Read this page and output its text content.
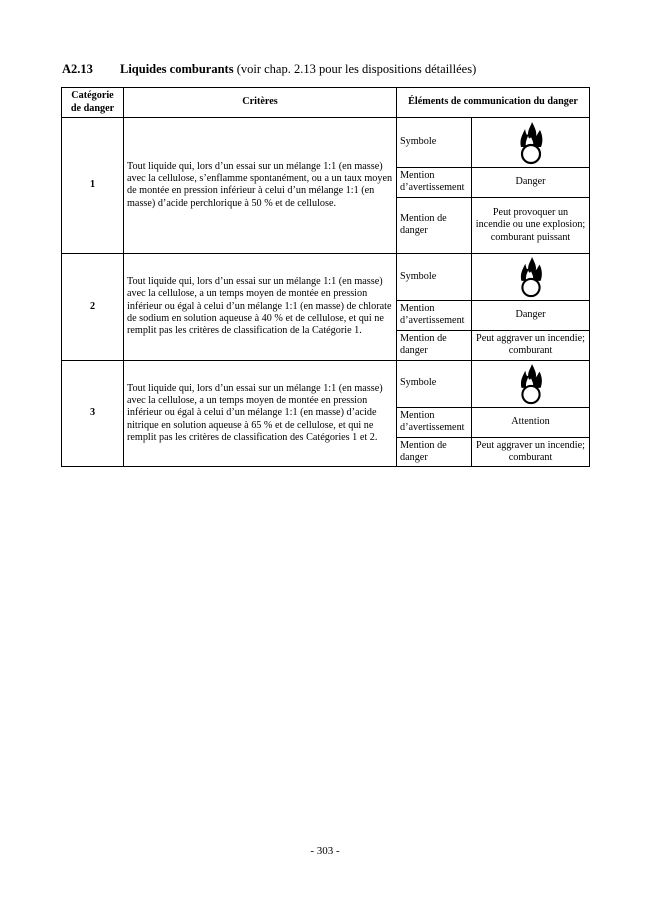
A2.13 Liquides comburants (voir chap. 2.13 pour les dispositions détaillées)
Catégorie de danger	Critères	Éléments de communication du danger	
1	Tout liquide qui, lors d’un essai sur un mélange 1:1 (en masse) avec la cellulose, s’enflamme spontanément, ou a un taux moyen de montée en pression inférieur à celui d’un mélange 1:1 (en masse) d’acide perchlorique à 50 % et de cellulose.	Symbole	

		Mention d’avertissement	Danger
		Mention de danger	Peut provoquer un incendie ou une explosion; comburant puissant
2	Tout liquide qui, lors d’un essai sur un mélange 1:1 (en masse) avec la cellulose, a un temps moyen de montée en pression inférieur ou égal à celui d’un mélange 1:1 (en masse) de chlorate de sodium en solution aqueuse à 40 % et de cellulose, et qui ne remplit pas les critères de classification de la Catégorie 1.	Symbole	

		Mention d’avertissement	Danger
		Mention de danger	Peut aggraver un incendie; comburant
3	Tout liquide qui, lors d’un essai sur un mélange 1:1 (en masse) avec la cellulose, a un temps moyen de montée en pression inférieur ou égal à celui d’un mélange 1:1 (en masse) d’acide nitrique en solution aqueuse à 65 % et de cellulose, et qui ne remplit pas les critères de classification des Catégories 1 et 2.	Symbole	

		Mention d’avertissement	Attention
		Mention de danger	Peut aggraver un incendie; comburant
- 303 -
